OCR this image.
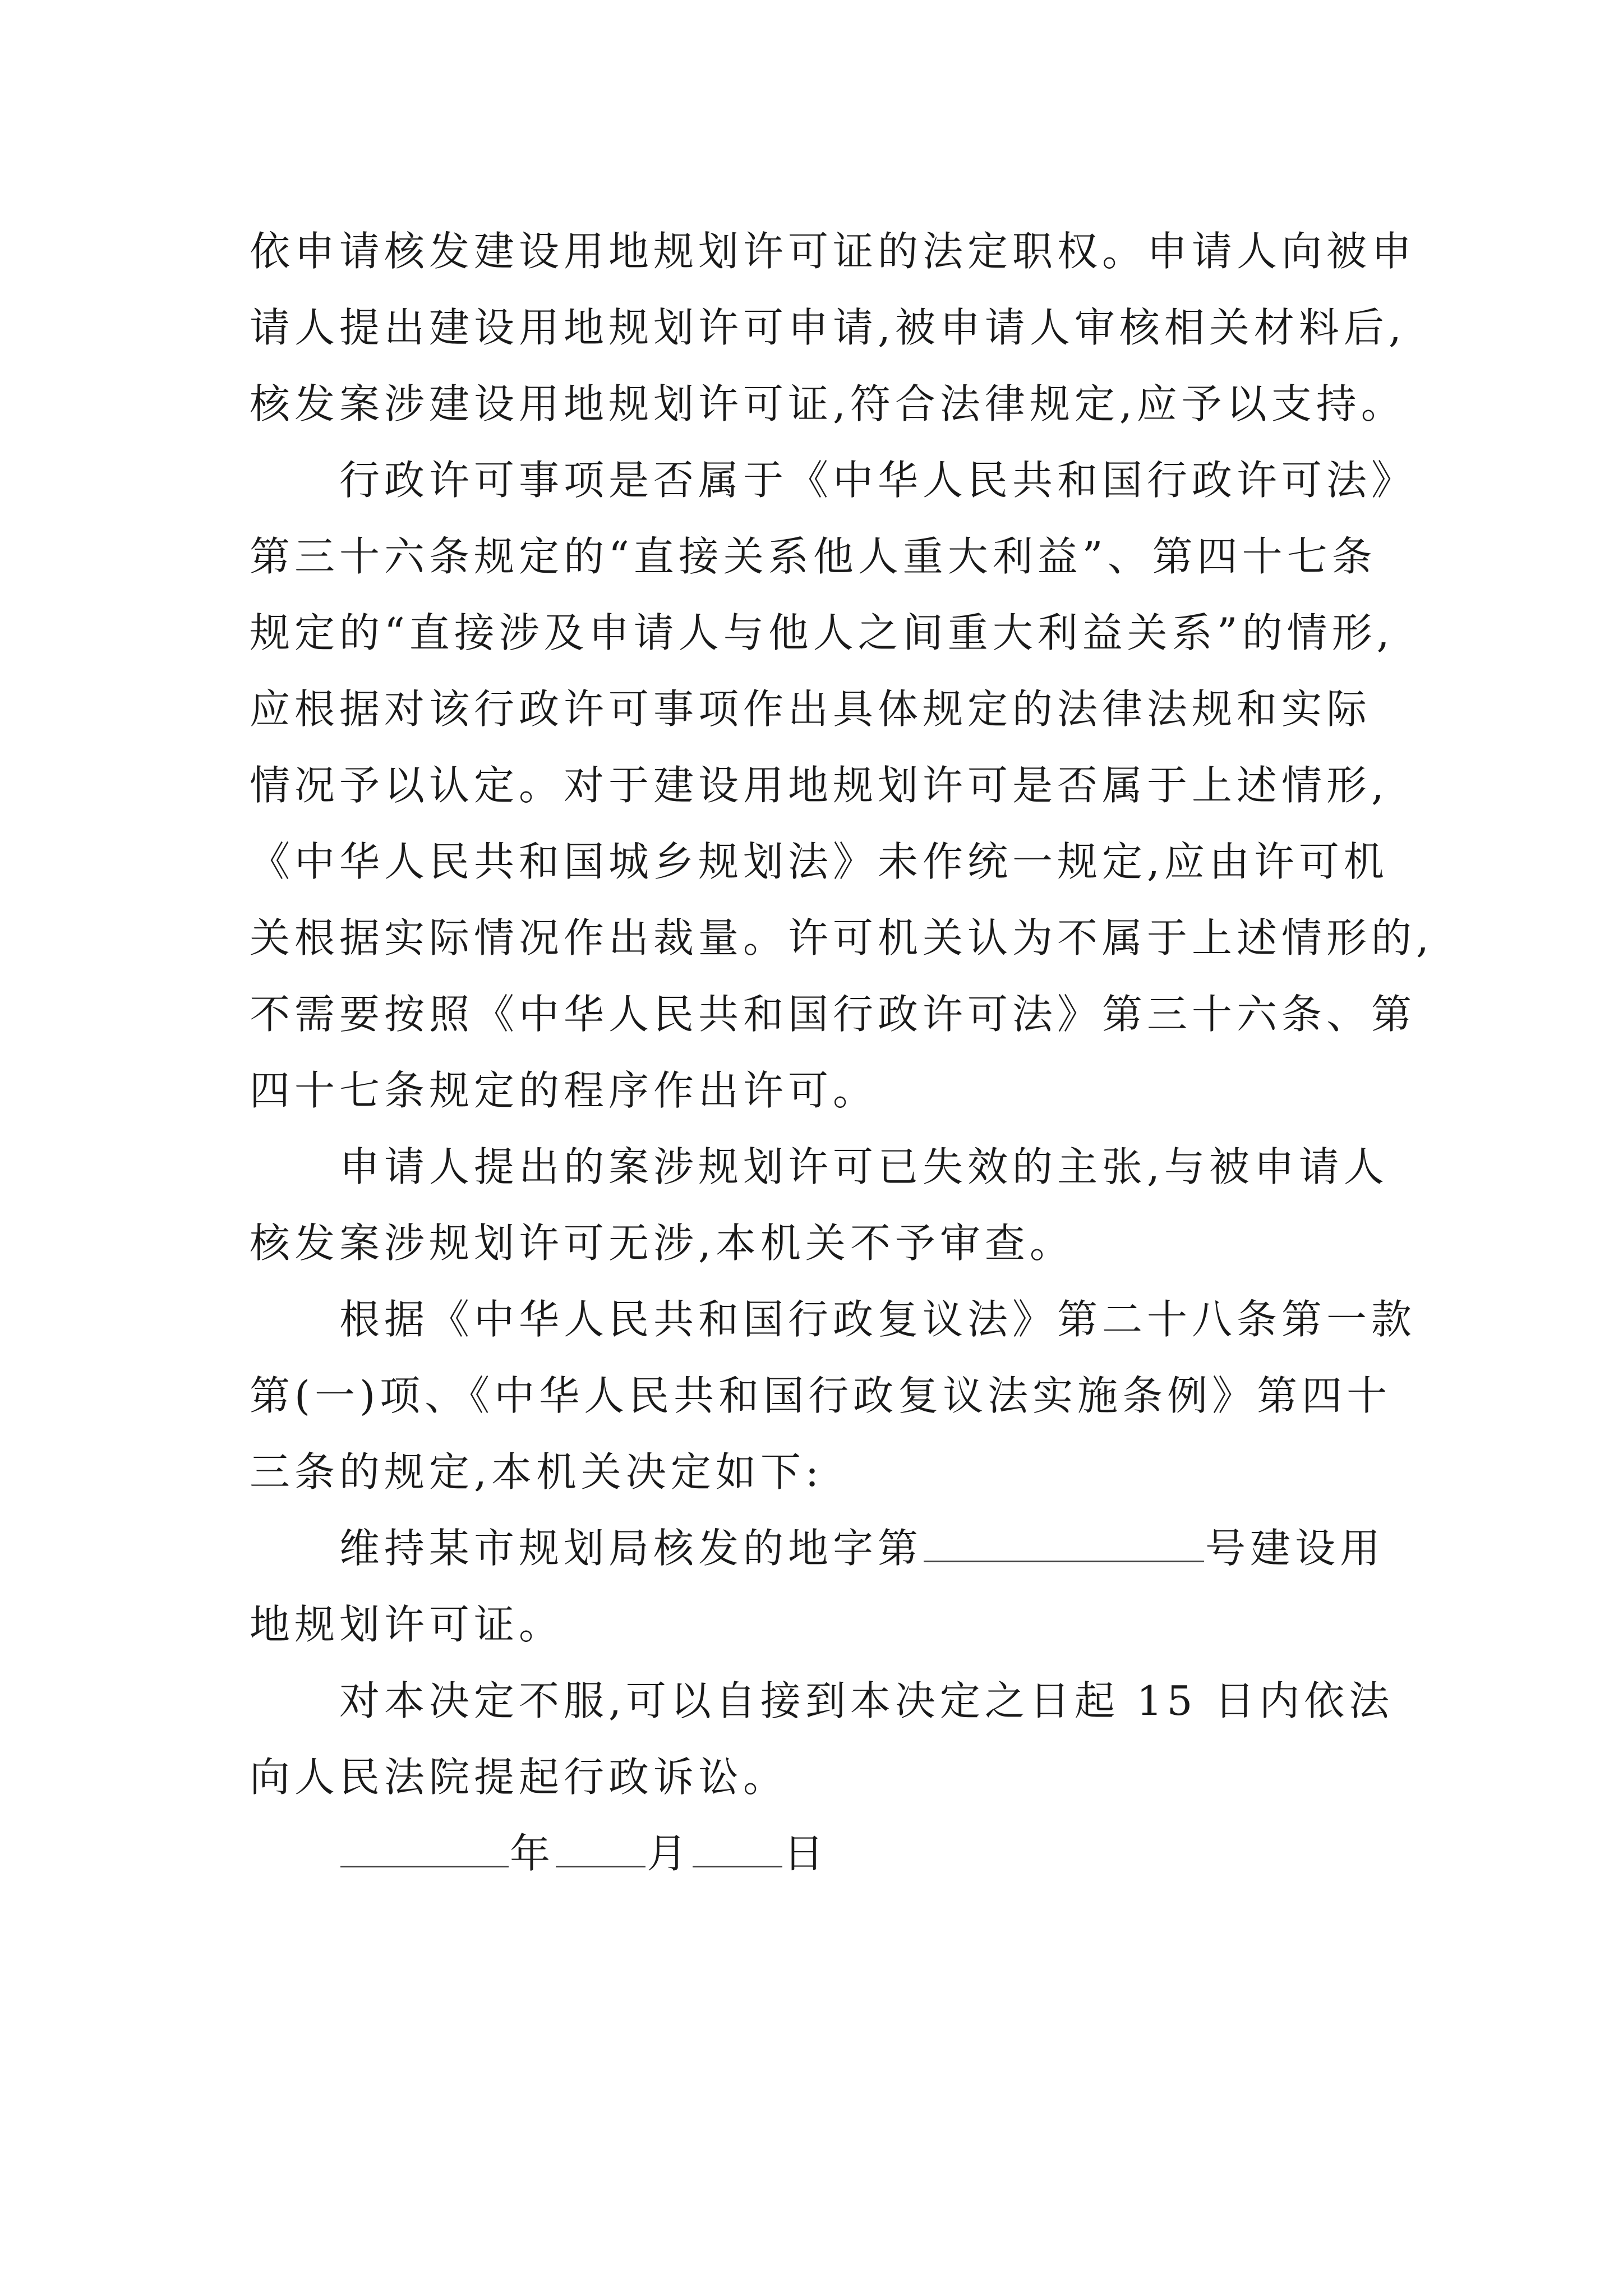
依申请核发建设用地规划许可证的法定职权。申请人向被申
请人提出建设用地规划许可申请,被申请人审核相关材料后,
核发案涉建设用地规划许可证,符合法律规定,应予以支持。
行政许可事项是否属于《中华人民共和国行政许可法》
第三十六条规定的“直接关系他人重大利益”、第四十七条
规定的“直接涉及申请人与他人之间重大利益关系”的情形,
应根据对该行政许可事项作出具体规定的法律法规和实际
情况予以认定。对于建设用地规划许可是否属于上述情形,
《中华人民共和国城乡规划法》未作统一规定,应由许可机
关根据实际情况作出裁量。许可机关认为不属于上述情形的,
不需要按照《中华人民共和国行政许可法》第三十六条、第
四十七条规定的程序作出许可。
申请人提出的案涉规划许可已失效的主张,与被申请人
核发案涉规划许可无涉,本机关不予审查。
根据《中华人民共和国行政复议法》第二十八条第一款
第(一)项、《中华人民共和国行政复议法实施条例》第四十
三条的规定,本机关决定如下:
维持某市规划局核发的地字第	号建设用
地规划许可证。
对本决定不服,可以自接到本决定之日起 15 日内依法
向人民法院提起行政诉讼。
年 月 日
